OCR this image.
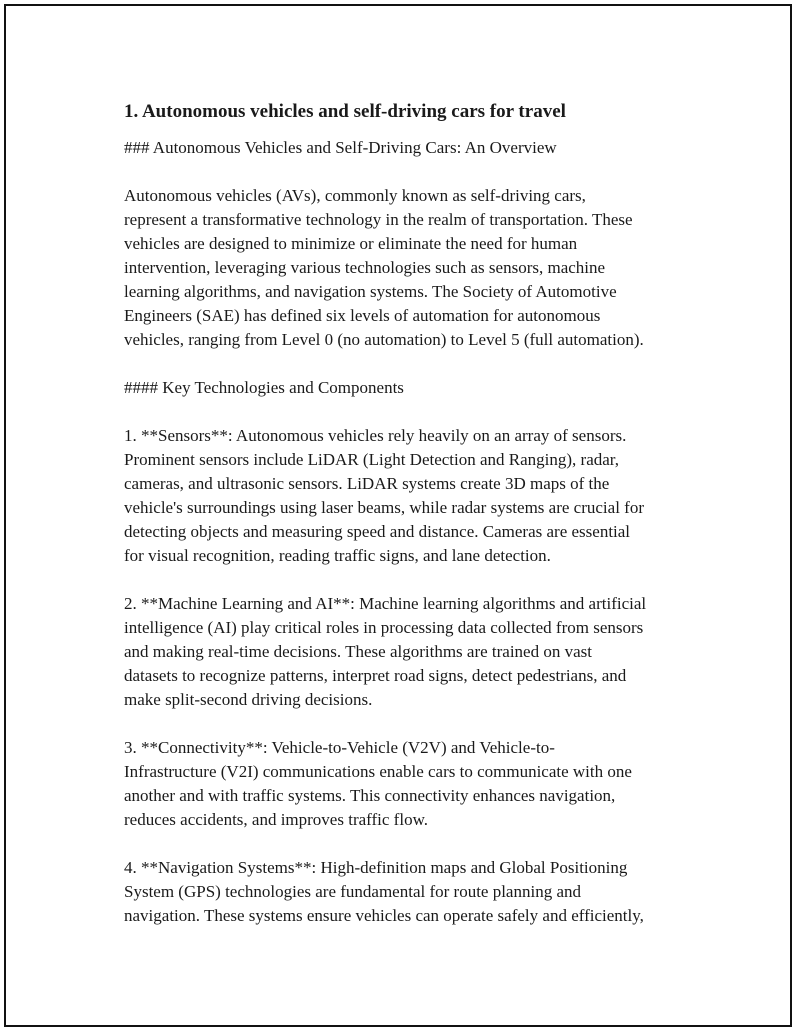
1. Autonomous vehicles and self-driving cars for travel

### Autonomous Vehicles and Self-Driving Cars: An Overview

Autonomous vehicles (AVs), commonly known as self-driving cars,
represent a transformative technology in the realm of transportation. These
vehicles are designed to minimize or eliminate the need for human
intervention, leveraging various technologies such as sensors, machine
learning algorithms, and navigation systems. The Society of Automotive
Engineers (SAE) has defined six levels of automation for autonomous
vehicles, ranging from Level 0 (no automation) to Level 5 (full automation).

#### Key Technologies and Components

1. **Sensors**: Autonomous vehicles rely heavily on an array of sensors.
Prominent sensors include LiDAR (Light Detection and Ranging), radar,
cameras, and ultrasonic sensors. LiDAR systems create 3D maps of the
vehicle's surroundings using laser beams, while radar systems are crucial for
detecting objects and measuring speed and distance. Cameras are essential
for visual recognition, reading traffic signs, and lane detection.

2. **Machine Learning and AI**: Machine learning algorithms and artificial
intelligence (AI) play critical roles in processing data collected from sensors
and making real-time decisions. These algorithms are trained on vast
datasets to recognize patterns, interpret road signs, detect pedestrians, and
make split-second driving decisions.

3. **Connectivity**: Vehicle-to-Vehicle (V2V) and Vehicle-to-
Infrastructure (V2I) communications enable cars to communicate with one
another and with traffic systems. This connectivity enhances navigation,
reduces accidents, and improves traffic flow.

4. **Navigation Systems**: High-definition maps and Global Positioning
System (GPS) technologies are fundamental for route planning and
navigation. These systems ensure vehicles can operate safely and efficiently,
